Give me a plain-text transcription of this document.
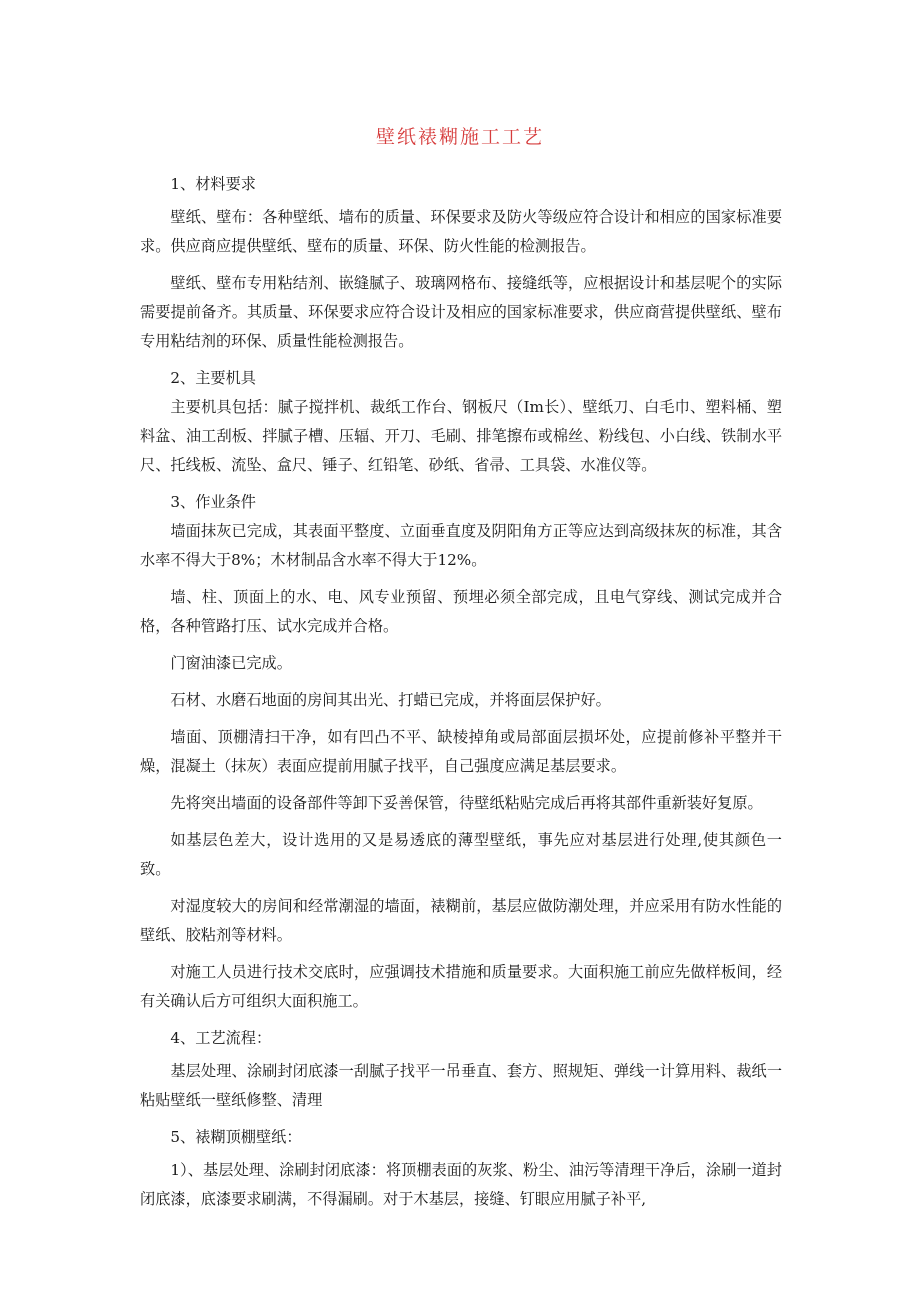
壁纸裱糊施工工艺

1、材料要求

壁纸、壁布：各种壁纸、墙布的质量、环保要求及防火等级应符合设计和相应的国家标准要求。供应商应提供壁纸、壁布的质量、环保、防火性能的检测报告。

壁纸、壁布专用粘结剂、嵌缝腻子、玻璃网格布、接缝纸等，应根据设计和基层呢个的实际需要提前备齐。其质量、环保要求应符合设计及相应的国家标准要求，供应商营提供壁纸、壁布专用粘结剂的环保、质量性能检测报告。

2、主要机具

主要机具包括：腻子搅拌机、裁纸工作台、钢板尺（Im长）、壁纸刀、白毛巾、塑料桶、塑料盆、油工刮板、拌腻子槽、压辐、开刀、毛刷、排笔擦布或棉丝、粉线包、小白线、铁制水平尺、托线板、流坠、盒尺、锤子、红铅笔、砂纸、省帚、工具袋、水准仪等。

3、作业条件

墙面抹灰已完成，其表面平整度、立面垂直度及阴阳角方正等应达到高级抹灰的标准，其含水率不得大于8%；木材制品含水率不得大于12%。

墙、柱、顶面上的水、电、风专业预留、预埋必须全部完成，且电气穿线、测试完成并合格，各种管路打压、试水完成并合格。

门窗油漆已完成。

石材、水磨石地面的房间其出光、打蜡已完成，并将面层保护好。

墙面、顶棚清扫干净，如有凹凸不平、缺棱掉角或局部面层损坏处，应提前修补平整并干燥，混凝土（抹灰）表面应提前用腻子找平，自己强度应满足基层要求。

先将突出墙面的设备部件等卸下妥善保管，待壁纸粘贴完成后再将其部件重新装好复原。

如基层色差大，设计选用的又是易透底的薄型壁纸，事先应对基层进行处理,使其颜色一致。

对湿度较大的房间和经常潮湿的墙面，裱糊前，基层应做防潮处理，并应采用有防水性能的壁纸、胶粘剂等材料。

对施工人员进行技术交底时，应强调技术措施和质量要求。大面积施工前应先做样板间，经有关确认后方可组织大面积施工。

4、工艺流程：

基层处理、涂刷封闭底漆一刮腻子找平一吊垂直、套方、照规矩、弹线一计算用料、裁纸一粘贴壁纸一壁纸修整、清理

5、裱糊顶棚壁纸：

1）、基层处理、涂刷封闭底漆：将顶棚表面的灰浆、粉尘、油污等清理干净后，涂刷一道封闭底漆，底漆要求刷满，不得漏刷。对于木基层，接缝、钉眼应用腻子补平,
